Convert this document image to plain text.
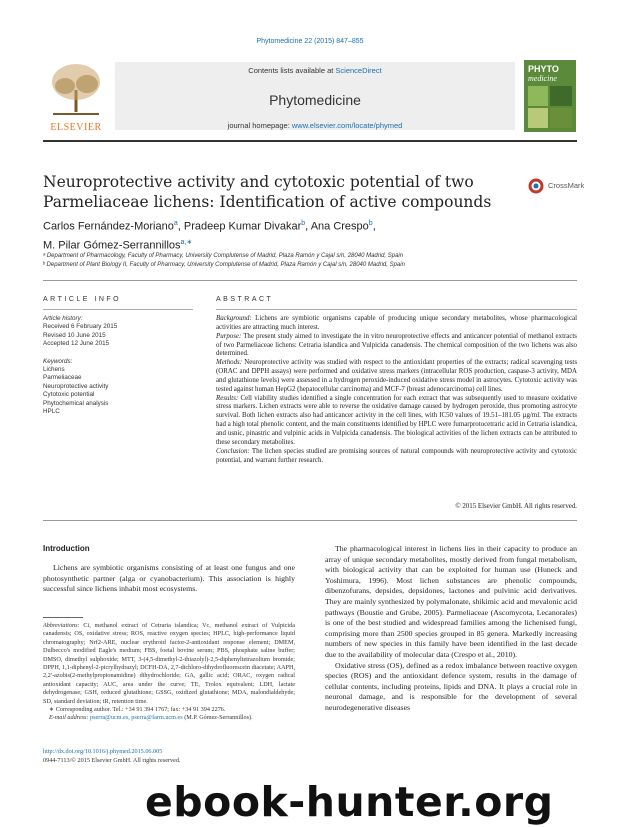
Phytomedicine 22 (2015) 847–855
ELSEVIER
Contents lists available at ScienceDirect
Phytomedicine
journal homepage: www.elsevier.com/locate/phymed
PHYTO
medicine
Neuroprotective activity and cytotoxic potential of two Parmeliaceae lichens: Identification of active compounds
CrossMark
Carlos Fernández-Moriano$^a$, Pradeep Kumar Divakar$^b$, Ana Crespo$^b$,
M. Pilar Gómez-Serrannillos$^{a,∗}$
ᵃ Department of Pharmacology, Faculty of Pharmacy, University Complutense of Madrid, Plaza Ramón y Cajal s/n, 28040 Madrid, Spain
ᵇ Department of Plant Biology II, Faculty of Pharmacy, University Complutense of Madrid, Plaza Ramón y Cajal s/n, 28040 Madrid, Spain
ARTICLE INFO	ABSTRACT
Article history:
Received 6 February 2015
Revised 10 June 2015
Accepted 12 June 2015
Keywords:
Lichens
Parmeliaceae
Neuroprotective activity
Cytotoxic potential
Phytochemical analysis
HPLC
Background: Lichens are symbiotic organisms capable of producing unique secondary metabolites, whose pharmacological activities are attracting much interest.
Purpose: The present study aimed to investigate the in vitro neuroprotective effects and anticancer potential of methanol extracts of two Parmeliaceae lichens: Cetraria islandica and Vulpicida canadensis. The chemical composition of the two lichens was also determined.
Methods: Neuroprotective activity was studied with respect to the antioxidant properties of the extracts; radical scavenging tests (ORAC and DPPH assays) were performed and oxidative stress markers (intracellular ROS production, caspase-3 activity, MDA and glutathione levels) were assessed in a hydrogen peroxide-induced oxidative stress model in astrocytes. Cytotoxic activity was tested against human HepG2 (hepatocellular carcinoma) and MCF-7 (breast adenocarcinoma) cell lines.
Results: Cell viability studies identified a single concentration for each extract that was subsequently used to measure oxidative stress markers. Lichen extracts were able to reverse the oxidative damage caused by hydrogen peroxide, thus promoting astrocyte survival. Both lichen extracts also had anticancer activity in the cell lines, with IC50 values of 19.51–181.05 µg/ml. The extracts had a high total phenolic content, and the main constituents identified by HPLC were fumarprotocetraric acid in Cetraria islandica, and usnic, pinastric and vulpinic acids in Vulpicida canadensis. The biological activities of the lichen extracts can be attributed to these secondary metabolites.
Conclusion: The lichen species studied are promising sources of natural compounds with neuroprotective activity and cytotoxic potential, and warrant further research.
© 2015 Elsevier GmbH. All rights reserved.
Introduction
Lichens are symbiotic organisms consisting of at least one fungus and one photosynthetic partner (alga or cyanobacterium). This association is highly successful since lichens inhabit most ecosystems.
Abbreviations: Ci, methanol extract of Cetraria islandica; Vc, methanol extract of Vulpicida canadensis; OS, oxidative stress; ROS, reactive oxygen species; HPLC, high-performance liquid chromatography; Nrf2-ARE, nuclear erythroid factor-2-antioxidant response element; DMEM, Dulbecco's modified Eagle's medium; FBS, foetal bovine serum; PBS, phosphate saline buffer; DMSO, dimethyl sulphoxide; MTT, 3-(4,5-dimethyl-2-thiazolyl)-2,5-diphenyltetrazolium bromide; DPPH, 1,1-diphenyl-2-picrylhydrazyl; DCFH-DA, 2,7-dichloro-dihydrofluorescein diacetate; AAPH, 2,2′-azobis(2-methylpropionamidine) dihydrochloride; GA, gallic acid; ORAC, oxygen radical antioxidant capacity; AUC, area under the curve; TE, Trolox equivalent; LDH, lactate dehydrogenase; GSH, reduced glutathione; GSSG, oxidized glutathione; MDA, malondialdehyde; SD, standard deviation; tR, retention time.
∗ Corresponding author. Tel.: +34 91 394 1767; fax: +34 91 394 2276.
E-mail address: pserra@ucm.es, pserra@farm.ucm.es (M.P. Gómez-Serrannillos).
http://dx.doi.org/10.1016/j.phymed.2015.06.005
0944-7113/© 2015 Elsevier GmbH. All rights reserved.

The pharmacological interest in lichens lies in their capacity to produce an array of unique secondary metabolites, mostly derived from fungal metabolism, with biological activity that can be exploited for human use (Huneck and Yoshimura, 1996). Most lichen substances are phenolic compounds, dibenzofurans, depsides, depsidones, lactones and pulvinic acid derivatives. They are mainly synthesized by polymalonate, shikimic acid and mevalonic acid pathways (Boustie and Grube, 2005). Parmeliaceae (Ascomycota, Lecanorales) is one of the best studied and widespread families among the lichenised fungi, comprising more than 2500 species grouped in 85 genera. Markedly increasing numbers of new species in this family have been identified in the last decade due to the availability of molecular data (Crespo et al., 2010).

Oxidative stress (OS), defined as a redox imbalance between reactive oxygen species (ROS) and the antioxidant defence system, results in the damage of cellular contents, including proteins, lipids and DNA. It plays a crucial role in neuronal damage, and is responsible for the development of several neurodegenerative diseases

ebook-hunter.org
